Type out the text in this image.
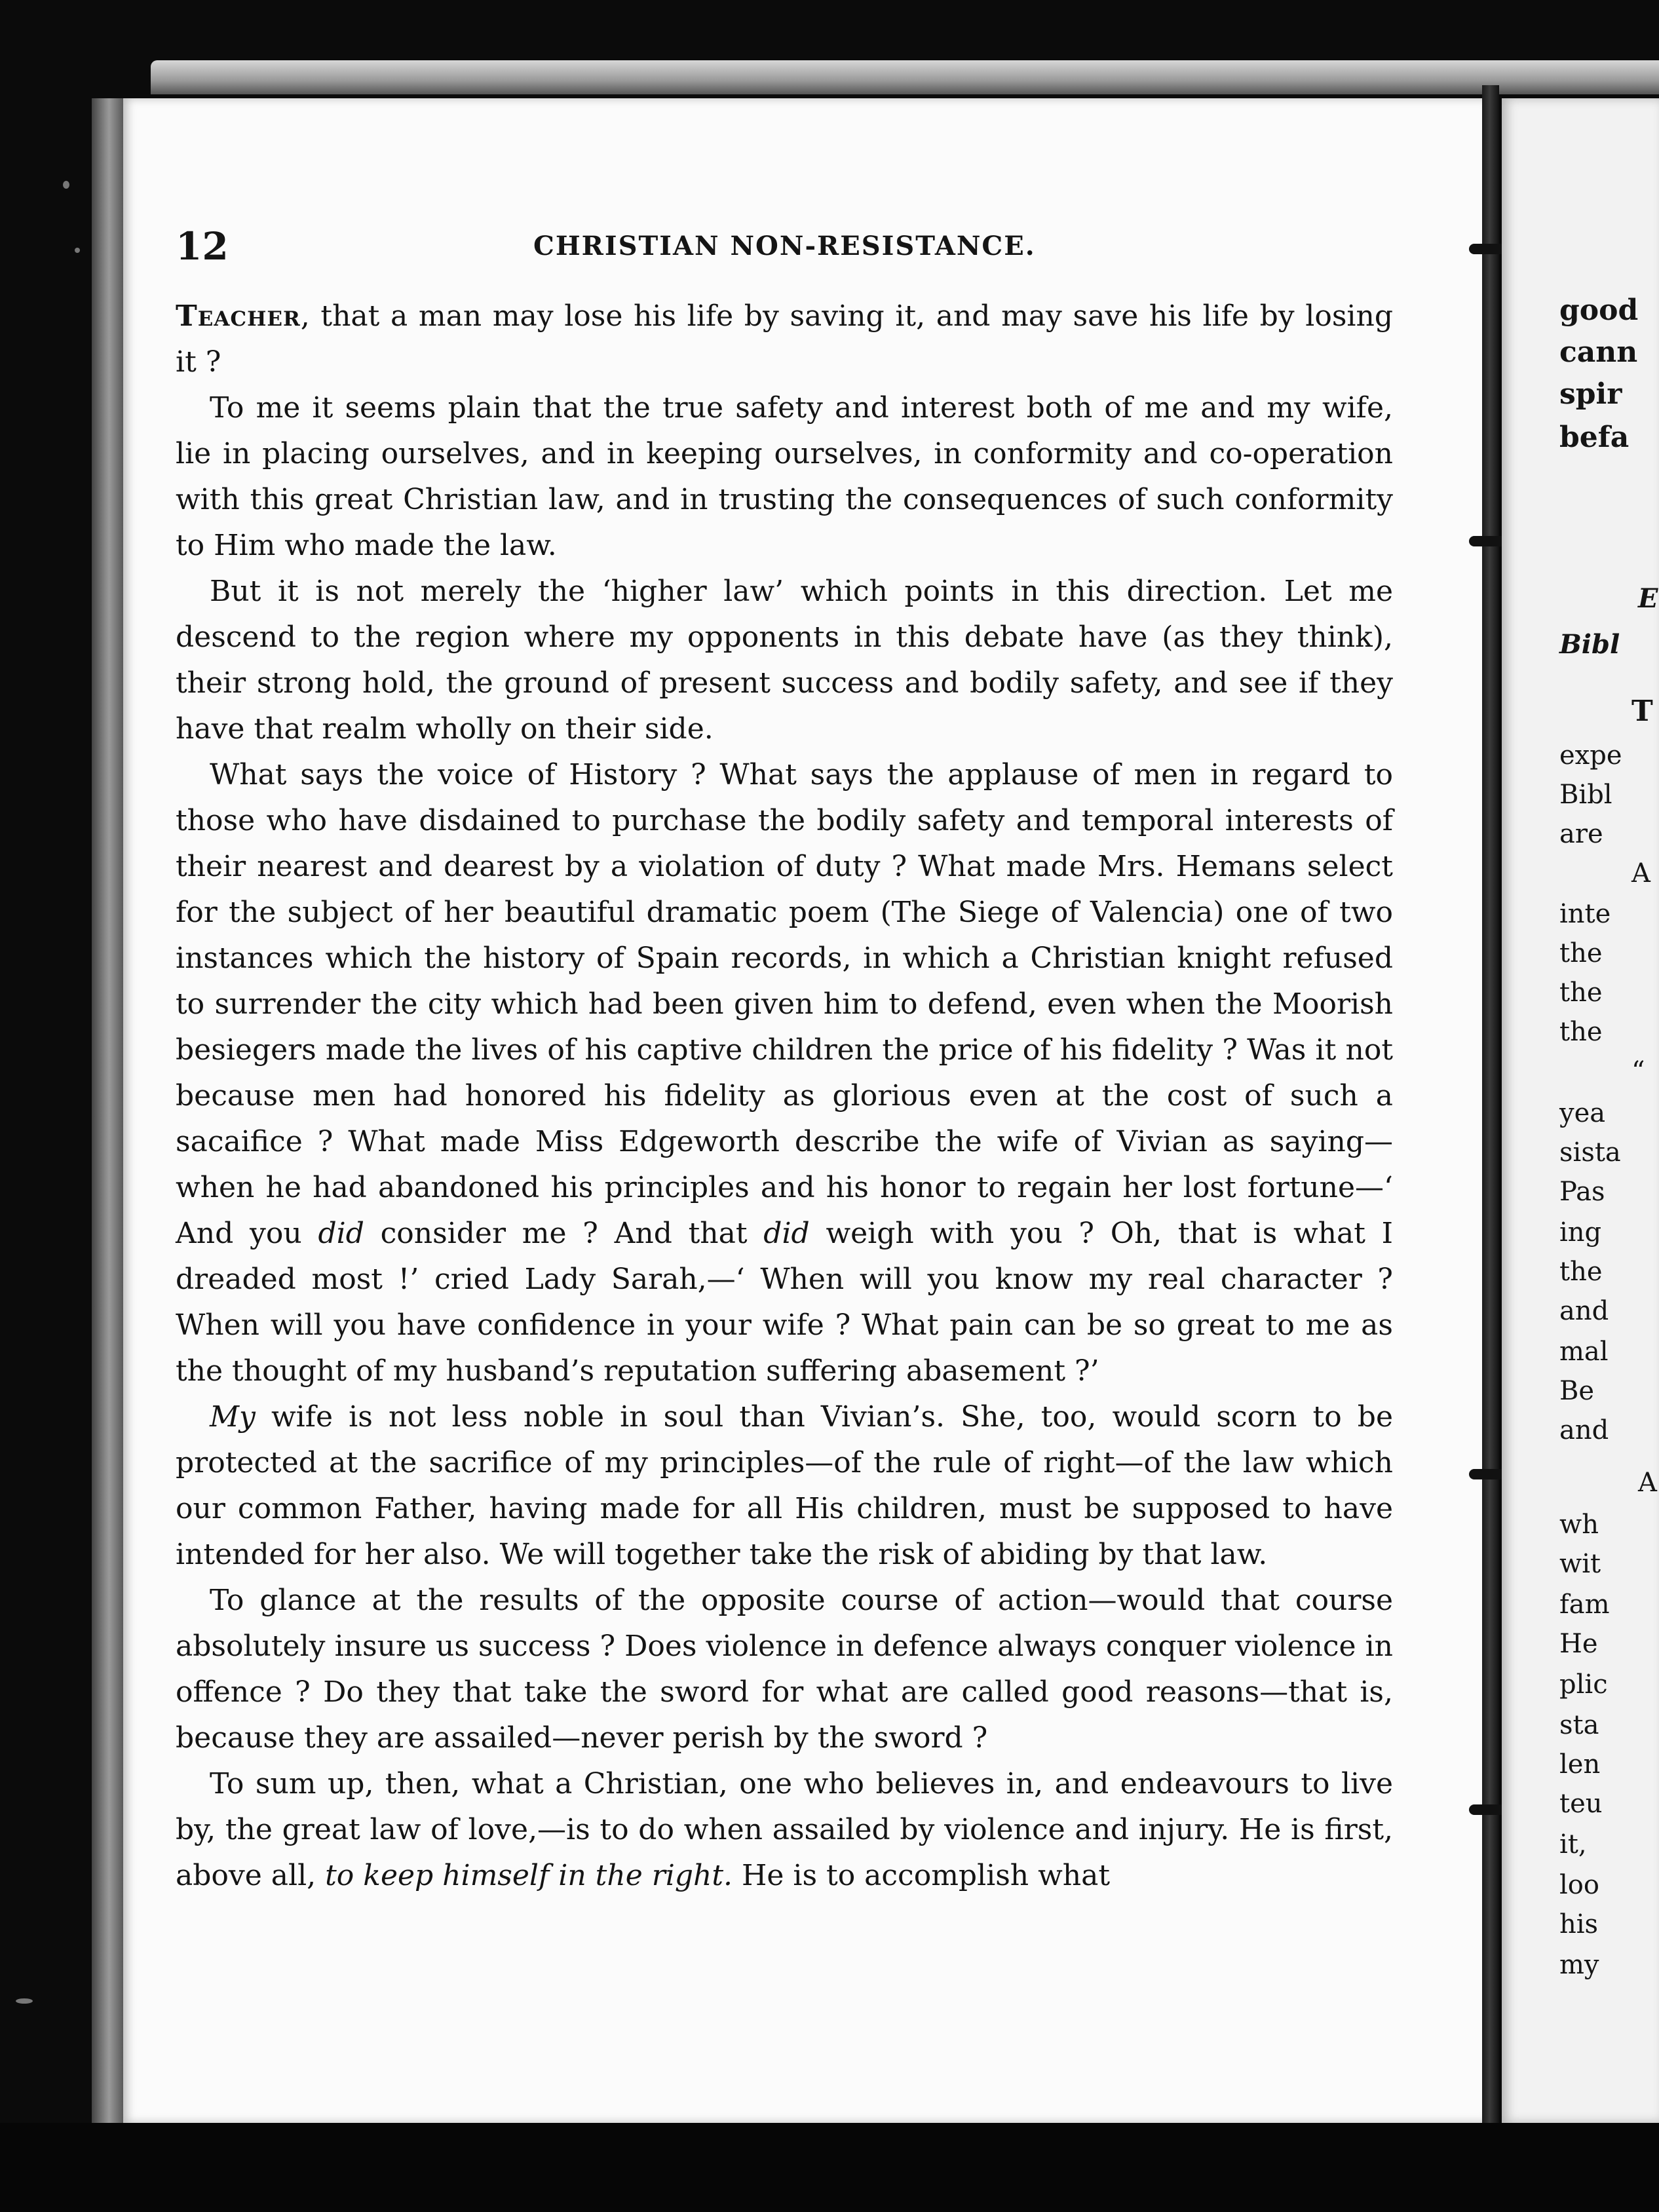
12	CHRISTIAN NON-RESISTANCE.

Teacher, that a man may lose his life by saving it, and may save his life by losing it ?

To me it seems plain that the true safety and interest both of me and my wife, lie in placing ourselves, and in keeping ourselves, in conformity and co-operation with this great Christian law, and in trusting the consequences of such conformity to Him who made the law.

But it is not merely the ‘higher law’ which points in this direction. Let me descend to the region where my opponents in this debate have (as they think), their strong hold, the ground of present success and bodily safety, and see if they have that realm wholly on their side.

What says the voice of History ? What says the applause of men in regard to those who have disdained to purchase the bodily safety and temporal interests of their nearest and dearest by a violation of duty ? What made Mrs. Hemans select for the subject of her beautiful dramatic poem (The Siege of Valencia) one of two instances which the history of Spain records, in which a Christian knight refused to surrender the city which had been given him to defend, even when the Moorish besiegers made the lives of his captive children the price of his fidelity ? Was it not because men had honored his fidelity as glorious even at the cost of such a sacaifice ? What made Miss Edgeworth describe the wife of Vivian as saying—when he had abandoned his principles and his honor to regain her lost fortune—‘ And you did consider me ? And that did weigh with you ? Oh, that is what I dreaded most !’ cried Lady Sarah,—‘ When will you know my real character ? When will you have confidence in your wife ? What pain can be so great to me as the thought of my husband’s reputation suffering abasement ?’

My wife is not less noble in soul than Vivian’s. She, too, would scorn to be protected at the sacrifice of my principles—of the rule of right—of the law which our common Father, having made for all His children, must be supposed to have intended for her also. We will together take the risk of abiding by that law.

To glance at the results of the opposite course of action—would that course absolutely insure us success ? Does violence in defence always conquer violence in offence ? Do they that take the sword for what are called good reasons—that is, because they are assailed—never perish by the sword ?

To sum up, then, what a Christian, one who believes in, and endeavours to live by, the great law of love,—is to do when assailed by violence and injury. He is first, above all, to keep himself in the right. He is to accomplish what

good
cann
spir
befa
E
Bibl
T
expe
Bibl
are
A
inte
the
the
the
“
yea
sista
Pas
ing
the
and
mal
Be
and
A
wh
wit
fam
He
plic
sta
len
teu
it,
loo
his
my
